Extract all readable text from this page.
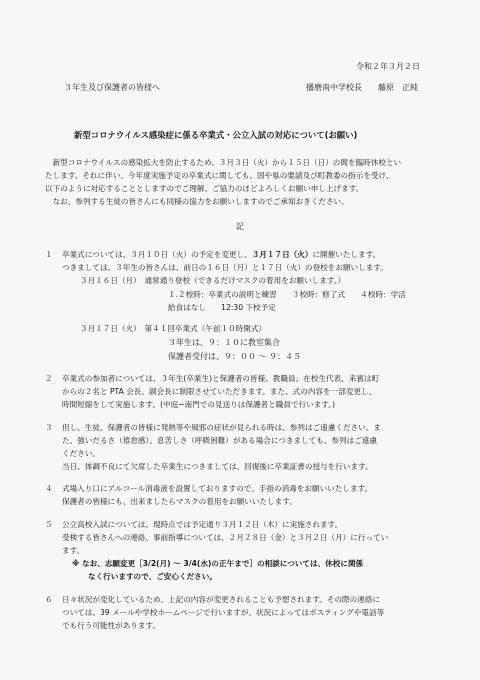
令和２年３月２日
３年生及び保護者の皆様へ	播磨南中学校長　　藤原　正純
新型コロナウイルス感染症に係る卒業式・公立入試の対応について(お願い)
　新型コロナウイルスの感染拡大を防止するため、３月３日（火）から１５日（日）の間を臨時休校とい
たします。それに伴い、今年度実施予定の卒業式に関しても、国や県の要請及び町教委の指示を受け、
以下のように対応することとしますのでご理解、ご協力のほどよろしくお願い申し上げます。
　なお、参列する生徒の皆さんにも同様の協力をお願いしますのでご承知おきください。
記
１ 卒業式については、３月１０日（火）の予定を変更し、３月１７日（火）に開催いたします。
つきましては、３年生の皆さんは、前日の１６日（月）と１７日（火）の登校をお願いします。
３月１６日（月）　通常通り登校（できるだけマスクの着用をお願いします。）
１.２校時：卒業式の説明と練習　　３校時：修了式　　４校時：学活
給食はなし　　12:30 下校予定
３月１７日（火）　第４１回卒業式（午前１０時開式）
３年生は、９：１０に教室集合
保護者受付は、９：００ ～ ９：４５
２ 卒業式の参加者については、３年生(卒業生)と保護者の皆様、教職員、在校生代表、来賓は町
からの２名と PTA 会長、副会長に制限させていただきます。また、式の内容を一部変更し、
時間短縮をして実施します。(中庭~南門での見送りは保護者と職員で行います。)
３ 但し、生徒、保護者の皆様に発熱等や風邪の症状が見られる時は、参列はご遠慮ください。ま
た、強いだるさ（倦怠感）、息苦しさ（呼吸困難）がある場合につきましても、参列はご遠慮
ください。
当日、体調不良にて欠席した卒業生につきましては、回復後に卒業証書の授与を行います。
４ 式場入り口にアルコール消毒液を設置しておりますので、手指の消毒をお願いいたします。
保護者の皆様にも、出来ましたらマスクの着用をお願いいたします。
５ 公立高校入試については、現時点では予定通り３月１２日（木）に実施されます。
受検する皆さんへの連絡、事前指導については、２月２８日（金）と３月２日（月）に行ってい
ます。
※ なお、志願変更［3/2(月) ～ 3/4(水)の正午まで］の相談については、休校に関係
なく行いますので、ご安心ください。
６ 日々状況が変化しているため、上記の内容が変更されることも予想されます。その際の連絡に
ついては、39 メールや学校ホームページで行いますが、状況によってはポスティングや電話等
でも行う可能性があります。
